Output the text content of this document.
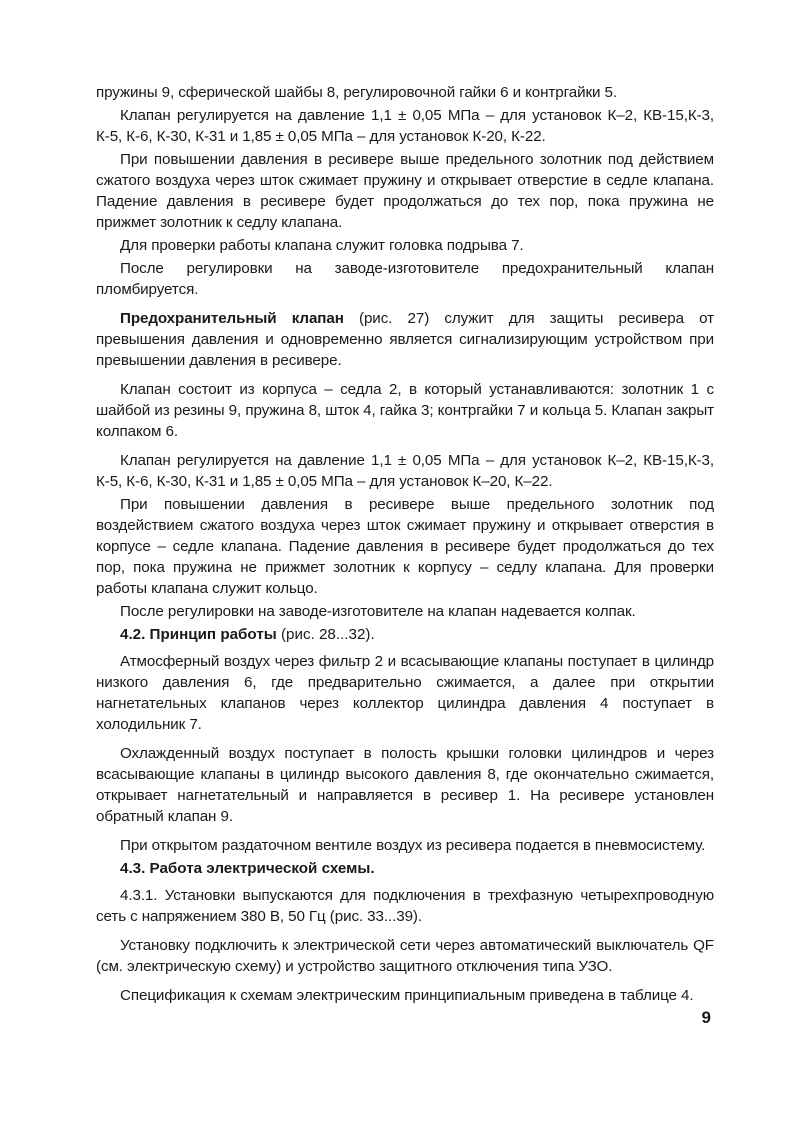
пружины 9, сферической шайбы 8, регулировочной гайки 6 и контргайки 5.

Клапан регулируется на давление 1,1 ± 0,05 МПа – для установок К–2, КВ-15,К-3, К-5, К-6, К-30, К-31 и 1,85 ± 0,05 МПа – для установок К-20, К-22.

При повышении давления в ресивере выше предельного золотник под действием сжатого воздуха через шток сжимает пружину и открывает отверстие в седле клапана. Падение давления в ресивере будет продолжаться до тех пор, пока пружина не прижмет золотник к седлу клапана.

Для проверки работы клапана служит головка подрыва 7.

После регулировки на заводе-изготовителе предохранительный клапан пломбируется.

Предохранительный клапан (рис. 27) служит для защиты ресивера от превышения давления и одновременно является сигнализирующим устройством при превышении давления в ресивере.

Клапан состоит из корпуса – седла 2, в который устанавливаются: золотник 1 с шайбой из резины 9, пружина 8, шток 4, гайка 3; контргайки 7 и кольца 5. Клапан закрыт колпаком 6.

Клапан регулируется на давление 1,1 ± 0,05 МПа – для установок К–2, КВ-15,К-3, К-5, К-6, К-30, К-31 и 1,85 ± 0,05 МПа – для установок К–20, К–22.

При повышении давления в ресивере выше предельного золотник под воздействием сжатого воздуха через шток сжимает пружину и открывает отверстия в корпусе – седле клапана. Падение давления в ресивере будет продолжаться до тех пор, пока пружина не прижмет золотник к корпусу – седлу клапана. Для проверки работы клапана служит кольцо.

После регулировки на заводе-изготовителе на клапан надевается колпак.

4.2. Принцип работы (рис. 28...32).

Атмосферный воздух через фильтр 2 и всасывающие клапаны поступает в цилиндр низкого давления 6, где предварительно сжимается, а далее при открытии нагнетательных клапанов через коллектор цилиндра давления 4 поступает в холодильник 7.

Охлажденный воздух поступает в полость крышки головки цилиндров и через всасывающие клапаны в цилиндр высокого давления 8, где окончательно сжимается, открывает нагнетательный и направляется в ресивер 1. На ресивере установлен обратный клапан 9.

При открытом раздаточном вентиле воздух из ресивера подается в пневмосистему.

4.3. Работа электрической схемы.

4.3.1. Установки выпускаются для подключения в трехфазную четырехпроводную сеть с напряжением 380 В, 50 Гц (рис. 33...39).

Установку подключить к электрической сети через автоматический выключатель QF (см. электрическую схему) и устройство защитного отключения типа УЗО.

Спецификация к схемам электрическим принципиальным приведена в таблице 4.

9
